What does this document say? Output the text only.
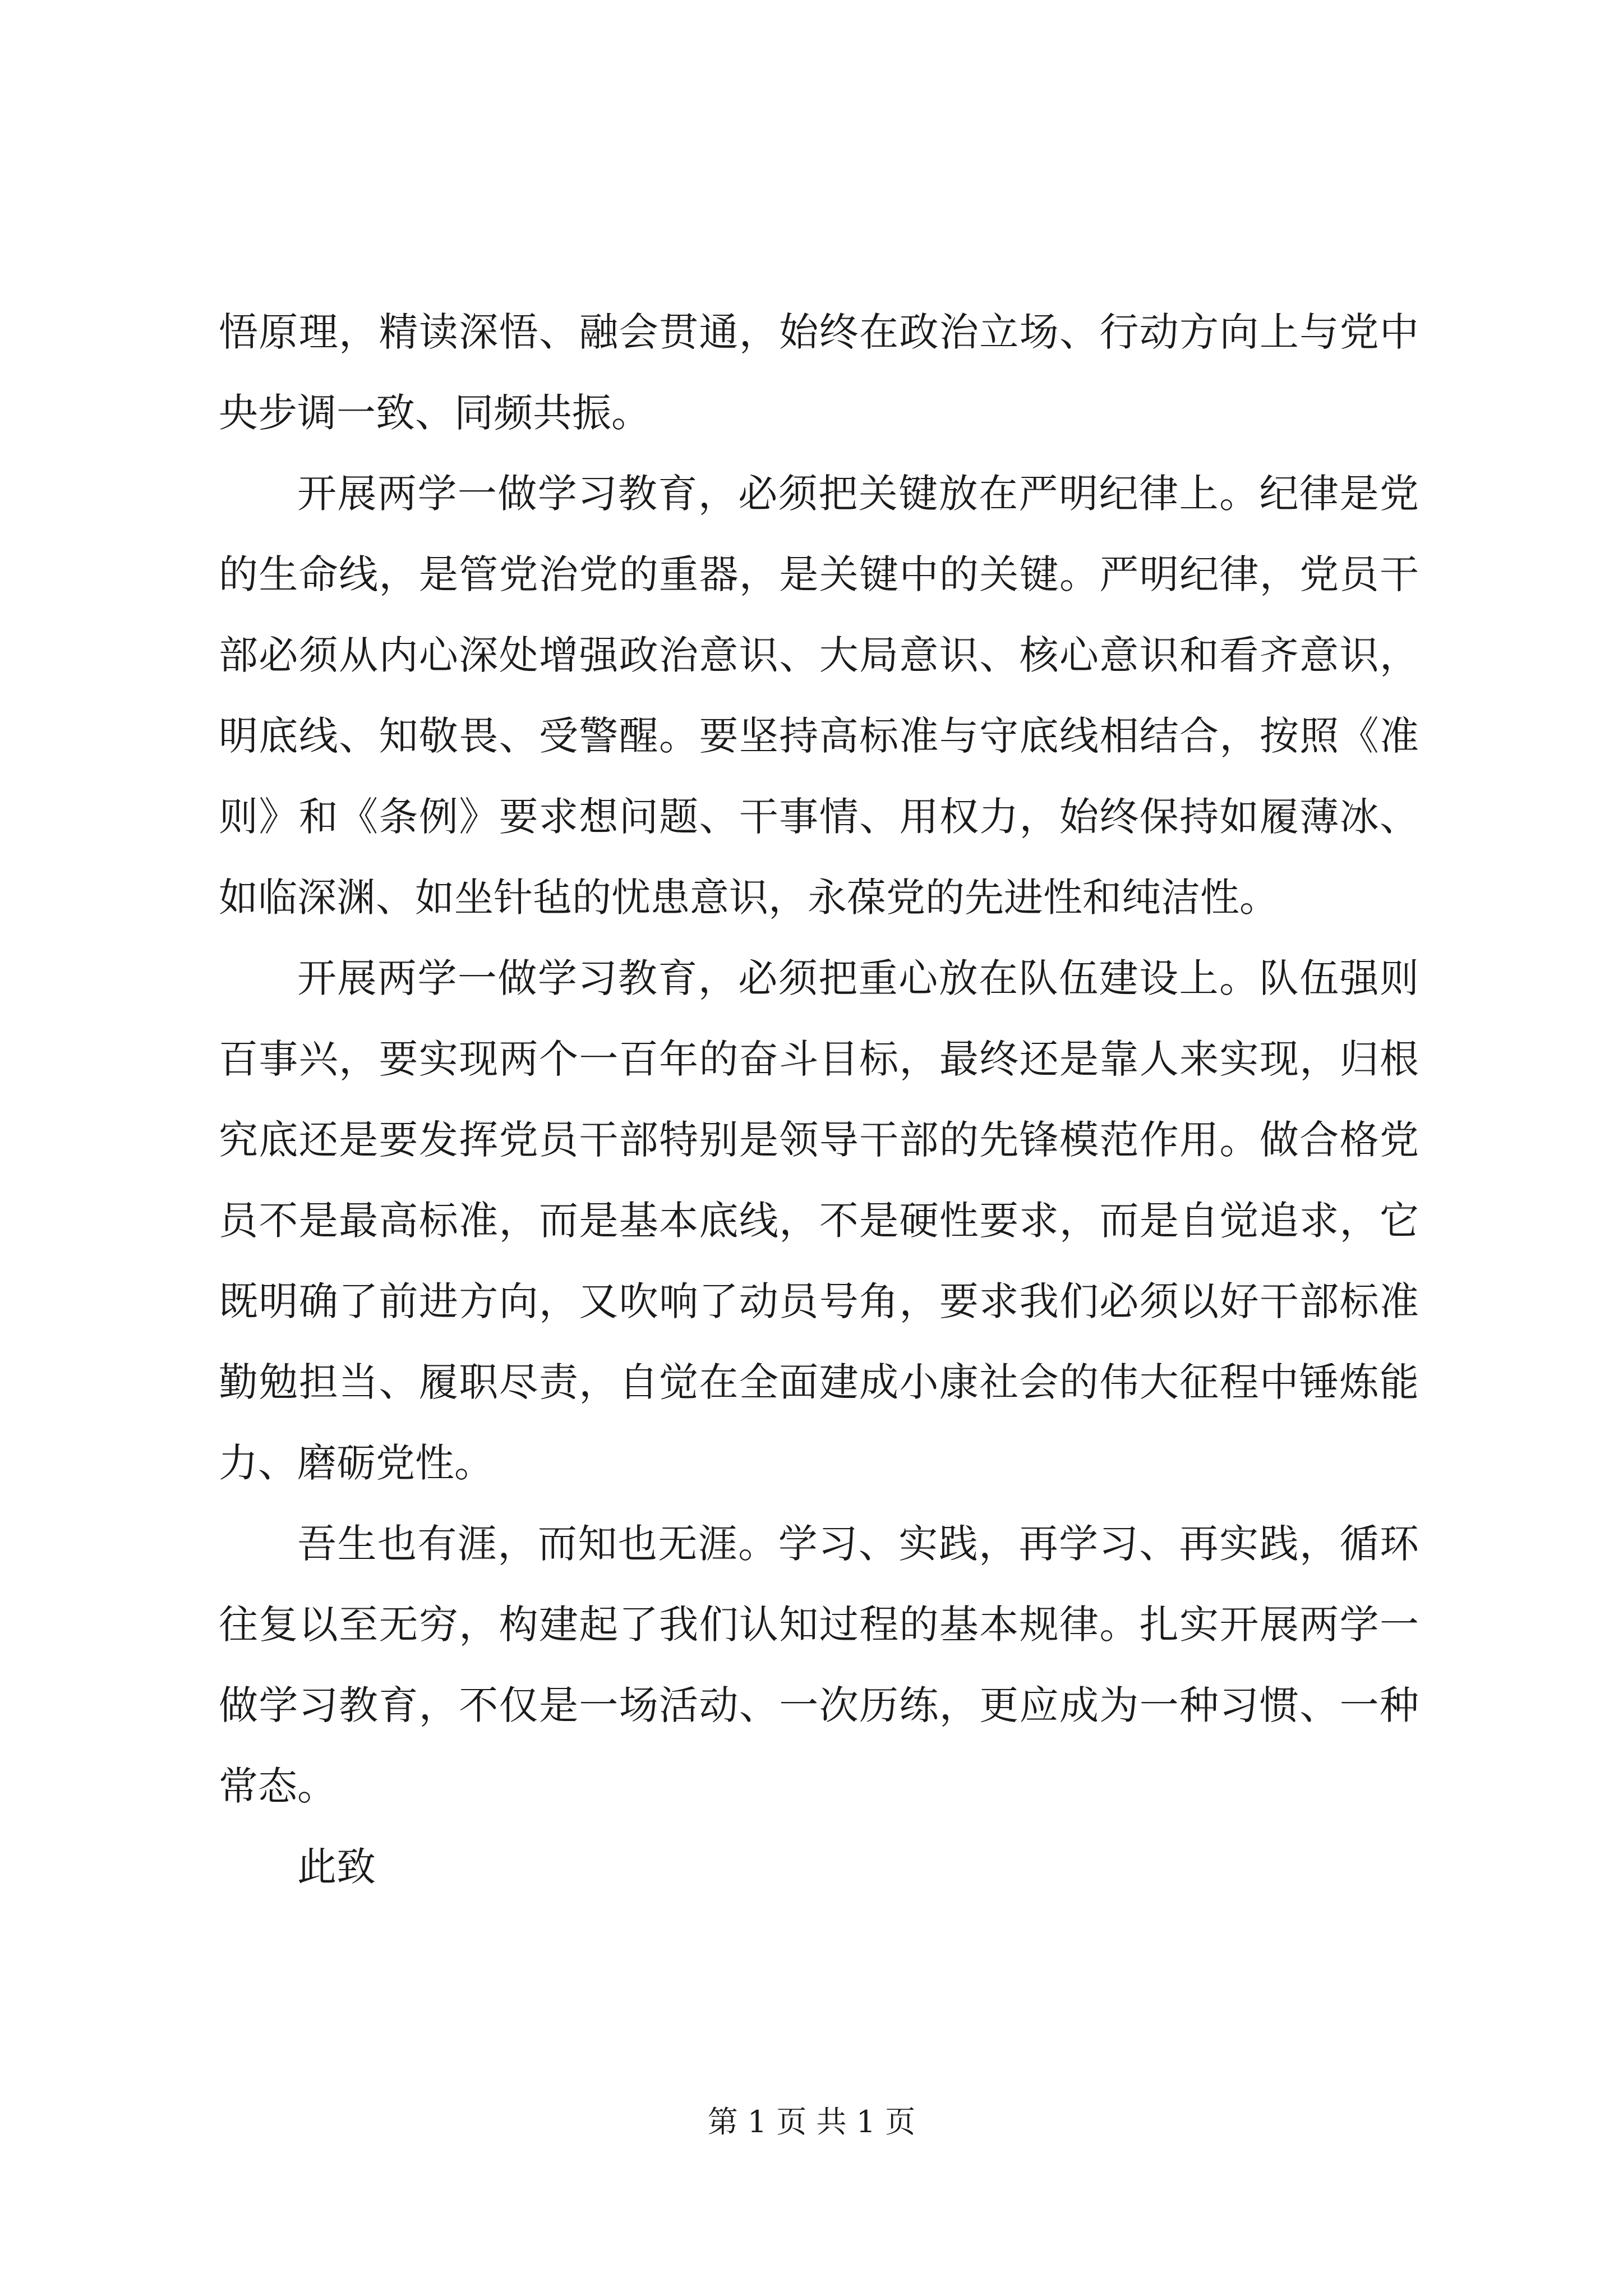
悟原理，精读深悟、融会贯通，始终在政治立场、行动方向上与党中央步调一致、同频共振。

开展两学一做学习教育，必须把关键放在严明纪律上。纪律是党的生命线，是管党治党的重器，是关键中的关键。严明纪律，党员干部必须从内心深处增强政治意识、大局意识、核心意识和看齐意识，明底线、知敬畏、受警醒。要坚持高标准与守底线相结合，按照《准则》和《条例》要求想问题、干事情、用权力，始终保持如履薄冰、如临深渊、如坐针毡的忧患意识，永葆党的先进性和纯洁性。

开展两学一做学习教育，必须把重心放在队伍建设上。队伍强则百事兴，要实现两个一百年的奋斗目标，最终还是靠人来实现，归根究底还是要发挥党员干部特别是领导干部的先锋模范作用。做合格党员不是最高标准，而是基本底线，不是硬性要求，而是自觉追求，它既明确了前进方向，又吹响了动员号角，要求我们必须以好干部标准勤勉担当、履职尽责，自觉在全面建成小康社会的伟大征程中锤炼能力、磨砺党性。

吾生也有涯，而知也无涯。学习、实践，再学习、再实践，循环往复以至无穷，构建起了我们认知过程的基本规律。扎实开展两学一做学习教育，不仅是一场活动、一次历练，更应成为一种习惯、一种常态。

此致

第 1 页 共 1 页
